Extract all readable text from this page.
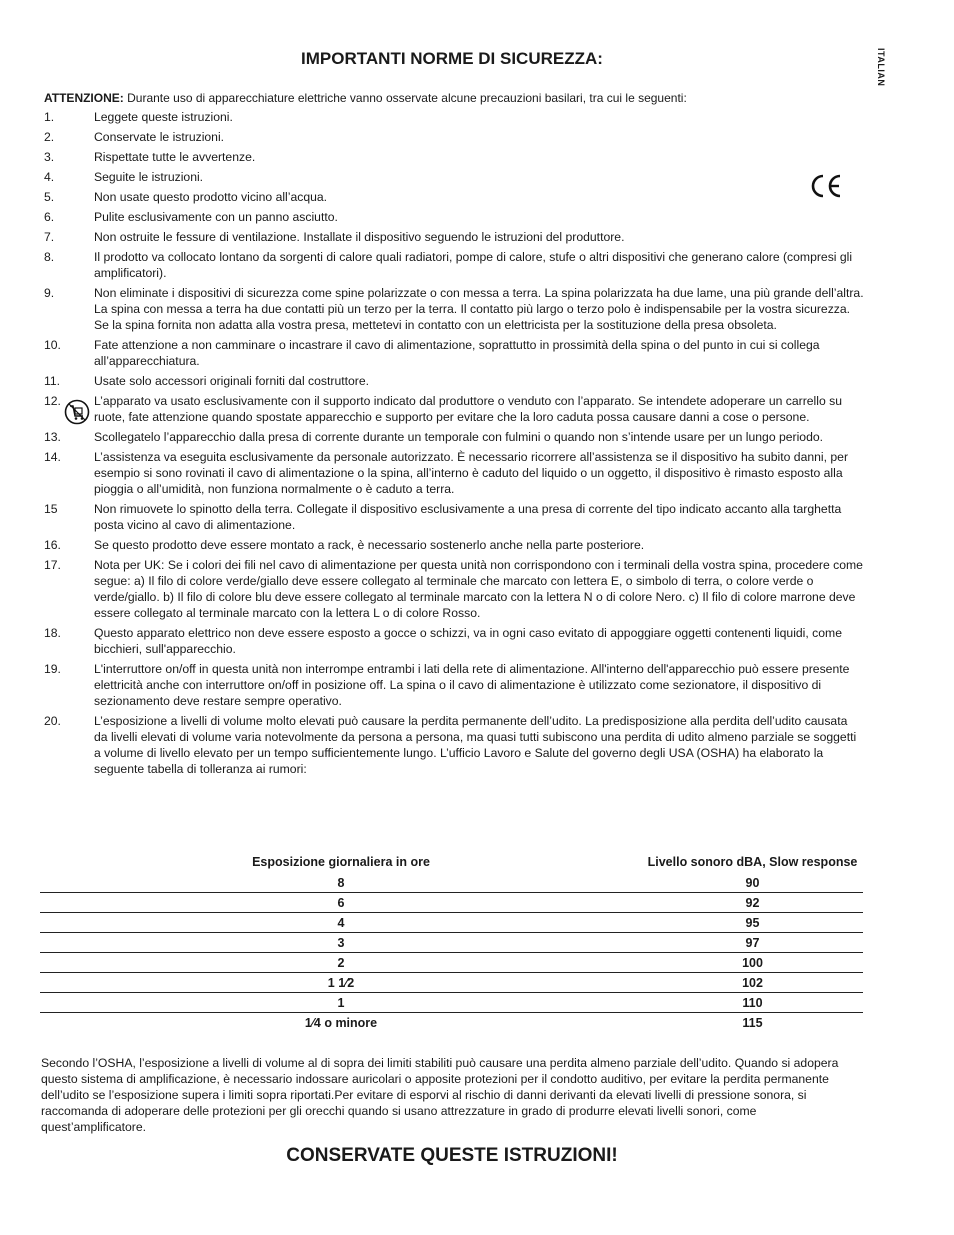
ITALIAN
IMPORTANTI NORME DI SICUREZZA:
ATTENZIONE: Durante uso di apparecchiature elettriche vanno osservate alcune precauzioni basilari, tra cui le seguenti:
1.	Leggete queste istruzioni.
2.	Conservate le istruzioni.
3.	Rispettate tutte le avvertenze.
4.	Seguite le istruzioni.
5.	Non usate questo prodotto vicino all’acqua.
6.	Pulite esclusivamente con un panno asciutto.
7.	Non ostruite le fessure di ventilazione. Installate il dispositivo seguendo le istruzioni del produttore.
8.	Il prodotto va collocato lontano da sorgenti di calore quali radiatori, pompe di calore, stufe o altri dispositivi che generano calore (compresi gli amplificatori).
9.	Non eliminate i dispositivi di sicurezza come spine polarizzate o con messa a terra. La spina polarizzata ha due lame, una più grande dell’altra. La spina con messa a terra ha due contatti più un terzo per la terra. Il contatto più largo o terzo polo è indispensabile per la vostra sicurezza. Se la spina fornita non adatta alla vostra presa, mettetevi in contatto con un elettricista per la sostituzione della presa obsoleta.
10.	Fate attenzione a non camminare o incastrare il cavo di alimentazione, soprattutto in prossimità della spina o del punto in cui si collega all’apparecchiatura.
11.	Usate solo accessori originali forniti dal costruttore.
12.	L’apparato va usato esclusivamente con il supporto indicato dal produttore o venduto con l’apparato. Se intendete adoperare un carrello su ruote, fate attenzione quando spostate apparecchio e supporto per evitare che la loro caduta possa causare danni a cose o persone.
13.	Scollegatelo l’apparecchio dalla presa di corrente durante un temporale con fulmini o quando non s’intende usare per un lungo periodo.
14.	L’assistenza va eseguita esclusivamente da personale autorizzato. È necessario ricorrere all’assistenza se il dispositivo ha subito danni, per esempio si sono rovinati il cavo di alimentazione o la spina, all’interno è caduto del liquido o un oggetto, il dispositivo è rimasto esposto alla pioggia o all’umidità, non funziona normalmente o è caduto a terra.
15	Non rimuovete lo spinotto della terra. Collegate il dispositivo esclusivamente a una presa di corrente del tipo indicato accanto alla targhetta posta vicino al cavo di alimentazione.
16.	Se questo prodotto deve essere montato a rack, è necessario sostenerlo anche nella parte posteriore.
17.	Nota per UK: Se i colori dei fili nel cavo di alimentazione per questa unità non corrispondono con i terminali della vostra spina, procedere come segue: a) Il filo di colore verde/giallo deve essere collegato al terminale che marcato con lettera E, o simbolo di terra, o colore verde o verde/giallo. b) Il filo di colore blu deve essere collegato al terminale marcato con la lettera N o di colore Nero. c) Il filo di colore marrone deve essere collegato al terminale marcato con la lettera L o di colore Rosso.
18.	Questo apparato elettrico non deve essere esposto a gocce o schizzi, va in ogni caso evitato di appoggiare oggetti contenenti liquidi, come bicchieri, sull'apparecchio.
19.	L'interruttore on/off in questa unità non interrompe entrambi i lati della rete di alimentazione. All'interno dell'apparecchio può essere presente elettricità anche con interruttore on/off in posizione off. La spina o il cavo di alimentazione è utilizzato come sezionatore, il dispositivo di sezionamento deve restare sempre operativo.
20.	L’esposizione a livelli di volume molto elevati può causare la perdita permanente dell’udito. La predisposizione alla perdita dell’udito causata da livelli elevati di volume varia notevolmente da persona a persona, ma quasi tutti subiscono una perdita di udito almeno parziale se soggetti a volume di livello elevato per un tempo sufficientemente lungo. L’ufficio Lavoro e Salute del governo degli USA (OSHA) ha elaborato la seguente tabella di tolleranza ai rumori:
Esposizione giornaliera in ore	Livello sonoro dBA, Slow response
8	90
6	92
4	95
3	97
2	100
1 1⁄2	102
1	110
1⁄4 o minore	115
Secondo l’OSHA, l’esposizione a livelli di volume al di sopra dei limiti stabiliti può causare una perdita almeno parziale dell’udito. Quando si adopera questo sistema di amplificazione, è necessario indossare auricolari o apposite protezioni per il condotto auditivo, per evitare la perdita permanente dell’udito se l’esposizione supera i limiti sopra riportati.Per evitare di esporvi al rischio di danni derivanti da elevati livelli di pressione sonora, si raccomanda di adoperare delle protezioni per gli orecchi quando si usano attrezzature in grado di produrre elevati livelli sonori, come quest’amplificatore.
CONSERVATE QUESTE ISTRUZIONI!
